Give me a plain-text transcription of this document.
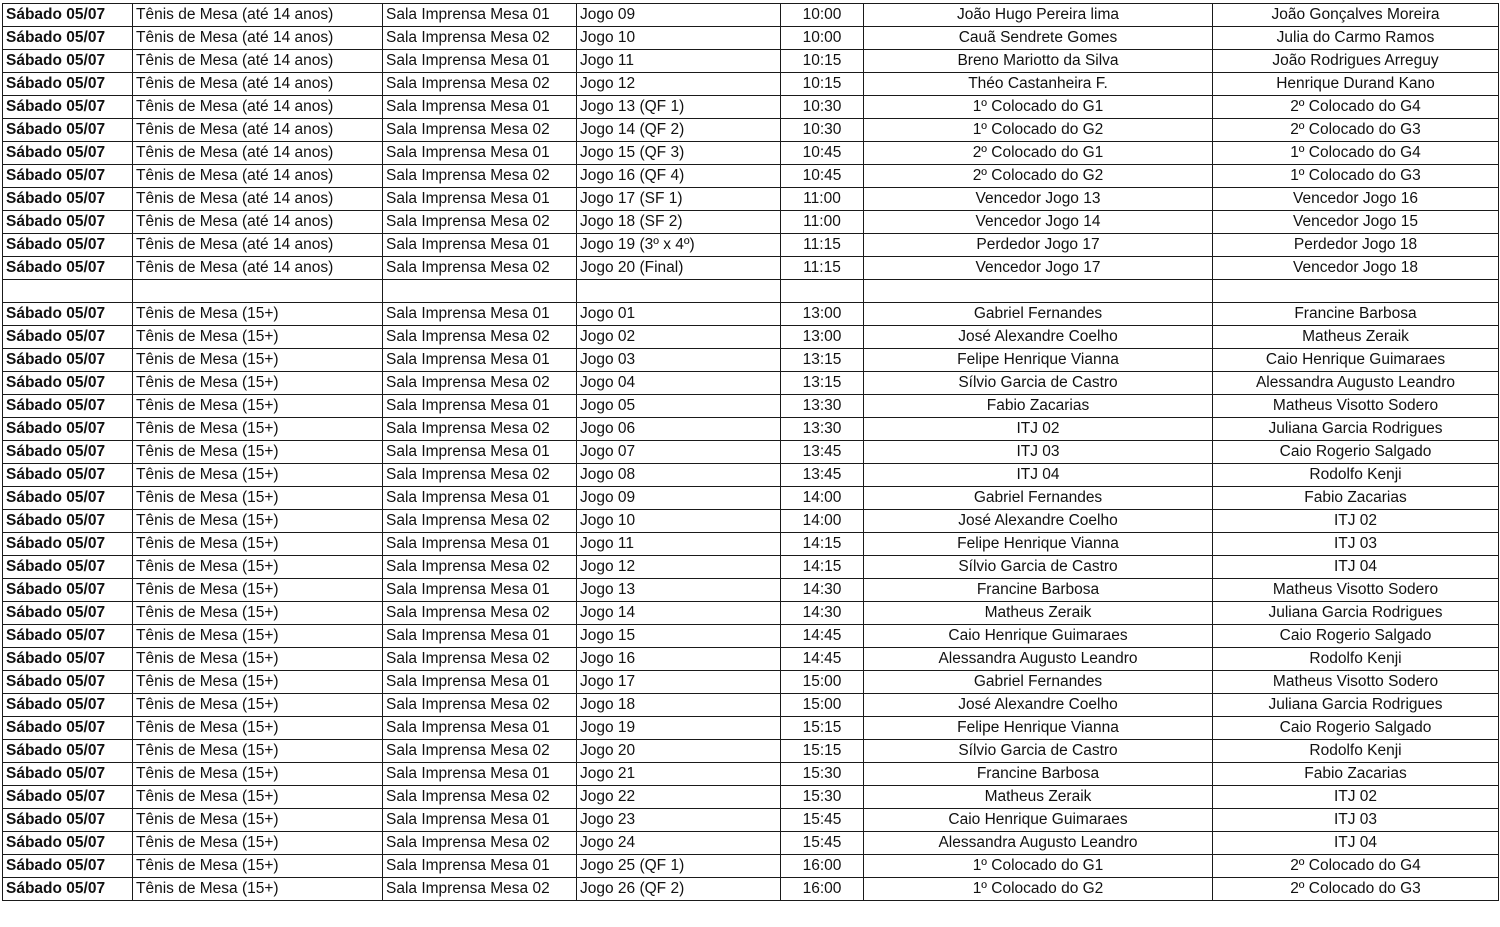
Sábado 05/07	Tênis de Mesa (até 14 anos)	Sala Imprensa Mesa 01	Jogo 09	10:00	João Hugo Pereira lima	João Gonçalves Moreira
Sábado 05/07	Tênis de Mesa (até 14 anos)	Sala Imprensa Mesa 02	Jogo 10	10:00	Cauã Sendrete Gomes	Julia do Carmo Ramos
Sábado 05/07	Tênis de Mesa (até 14 anos)	Sala Imprensa Mesa 01	Jogo 11	10:15	Breno Mariotto da Silva	João Rodrigues Arreguy
Sábado 05/07	Tênis de Mesa (até 14 anos)	Sala Imprensa Mesa 02	Jogo 12	10:15	Théo Castanheira F.	Henrique Durand Kano
Sábado 05/07	Tênis de Mesa (até 14 anos)	Sala Imprensa Mesa 01	Jogo 13 (QF 1)	10:30	1º Colocado do G1	2º Colocado do G4
Sábado 05/07	Tênis de Mesa (até 14 anos)	Sala Imprensa Mesa 02	Jogo 14 (QF 2)	10:30	1º Colocado do G2	2º Colocado do G3
Sábado 05/07	Tênis de Mesa (até 14 anos)	Sala Imprensa Mesa 01	Jogo 15 (QF 3)	10:45	2º Colocado do G1	1º Colocado do G4
Sábado 05/07	Tênis de Mesa (até 14 anos)	Sala Imprensa Mesa 02	Jogo 16 (QF 4)	10:45	2º Colocado do G2	1º Colocado do G3
Sábado 05/07	Tênis de Mesa (até 14 anos)	Sala Imprensa Mesa 01	Jogo 17 (SF 1)	11:00	Vencedor Jogo 13	Vencedor Jogo 16
Sábado 05/07	Tênis de Mesa (até 14 anos)	Sala Imprensa Mesa 02	Jogo 18 (SF 2)	11:00	Vencedor Jogo 14	Vencedor Jogo 15
Sábado 05/07	Tênis de Mesa (até 14 anos)	Sala Imprensa Mesa 01	Jogo 19 (3º x 4º)	11:15	Perdedor Jogo 17	Perdedor Jogo 18
Sábado 05/07	Tênis de Mesa (até 14 anos)	Sala Imprensa Mesa 02	Jogo 20 (Final)	11:15	Vencedor Jogo 17	Vencedor Jogo 18

Sábado 05/07	Tênis de Mesa (15+)	Sala Imprensa Mesa 01	Jogo 01	13:00	Gabriel Fernandes	Francine Barbosa
Sábado 05/07	Tênis de Mesa (15+)	Sala Imprensa Mesa 02	Jogo 02	13:00	José Alexandre Coelho	Matheus Zeraik
Sábado 05/07	Tênis de Mesa (15+)	Sala Imprensa Mesa 01	Jogo 03	13:15	Felipe Henrique Vianna	Caio Henrique Guimaraes
Sábado 05/07	Tênis de Mesa (15+)	Sala Imprensa Mesa 02	Jogo 04	13:15	Sílvio Garcia de Castro	Alessandra Augusto Leandro
Sábado 05/07	Tênis de Mesa (15+)	Sala Imprensa Mesa 01	Jogo 05	13:30	Fabio Zacarias	Matheus Visotto Sodero
Sábado 05/07	Tênis de Mesa (15+)	Sala Imprensa Mesa 02	Jogo 06	13:30	ITJ 02	Juliana Garcia Rodrigues
Sábado 05/07	Tênis de Mesa (15+)	Sala Imprensa Mesa 01	Jogo 07	13:45	ITJ 03	Caio Rogerio Salgado
Sábado 05/07	Tênis de Mesa (15+)	Sala Imprensa Mesa 02	Jogo 08	13:45	ITJ 04	Rodolfo Kenji
Sábado 05/07	Tênis de Mesa (15+)	Sala Imprensa Mesa 01	Jogo 09	14:00	Gabriel Fernandes	Fabio Zacarias
Sábado 05/07	Tênis de Mesa (15+)	Sala Imprensa Mesa 02	Jogo 10	14:00	José Alexandre Coelho	ITJ 02
Sábado 05/07	Tênis de Mesa (15+)	Sala Imprensa Mesa 01	Jogo 11	14:15	Felipe Henrique Vianna	ITJ 03
Sábado 05/07	Tênis de Mesa (15+)	Sala Imprensa Mesa 02	Jogo 12	14:15	Sílvio Garcia de Castro	ITJ 04
Sábado 05/07	Tênis de Mesa (15+)	Sala Imprensa Mesa 01	Jogo 13	14:30	Francine Barbosa	Matheus Visotto Sodero
Sábado 05/07	Tênis de Mesa (15+)	Sala Imprensa Mesa 02	Jogo 14	14:30	Matheus Zeraik	Juliana Garcia Rodrigues
Sábado 05/07	Tênis de Mesa (15+)	Sala Imprensa Mesa 01	Jogo 15	14:45	Caio Henrique Guimaraes	Caio Rogerio Salgado
Sábado 05/07	Tênis de Mesa (15+)	Sala Imprensa Mesa 02	Jogo 16	14:45	Alessandra Augusto Leandro	Rodolfo Kenji
Sábado 05/07	Tênis de Mesa (15+)	Sala Imprensa Mesa 01	Jogo 17	15:00	Gabriel Fernandes	Matheus Visotto Sodero
Sábado 05/07	Tênis de Mesa (15+)	Sala Imprensa Mesa 02	Jogo 18	15:00	José Alexandre Coelho	Juliana Garcia Rodrigues
Sábado 05/07	Tênis de Mesa (15+)	Sala Imprensa Mesa 01	Jogo 19	15:15	Felipe Henrique Vianna	Caio Rogerio Salgado
Sábado 05/07	Tênis de Mesa (15+)	Sala Imprensa Mesa 02	Jogo 20	15:15	Sílvio Garcia de Castro	Rodolfo Kenji
Sábado 05/07	Tênis de Mesa (15+)	Sala Imprensa Mesa 01	Jogo 21	15:30	Francine Barbosa	Fabio Zacarias
Sábado 05/07	Tênis de Mesa (15+)	Sala Imprensa Mesa 02	Jogo 22	15:30	Matheus Zeraik	ITJ 02
Sábado 05/07	Tênis de Mesa (15+)	Sala Imprensa Mesa 01	Jogo 23	15:45	Caio Henrique Guimaraes	ITJ 03
Sábado 05/07	Tênis de Mesa (15+)	Sala Imprensa Mesa 02	Jogo 24	15:45	Alessandra Augusto Leandro	ITJ 04
Sábado 05/07	Tênis de Mesa (15+)	Sala Imprensa Mesa 01	Jogo 25 (QF 1)	16:00	1º Colocado do G1	2º Colocado do G4
Sábado 05/07	Tênis de Mesa (15+)	Sala Imprensa Mesa 02	Jogo 26 (QF 2)	16:00	1º Colocado do G2	2º Colocado do G3
